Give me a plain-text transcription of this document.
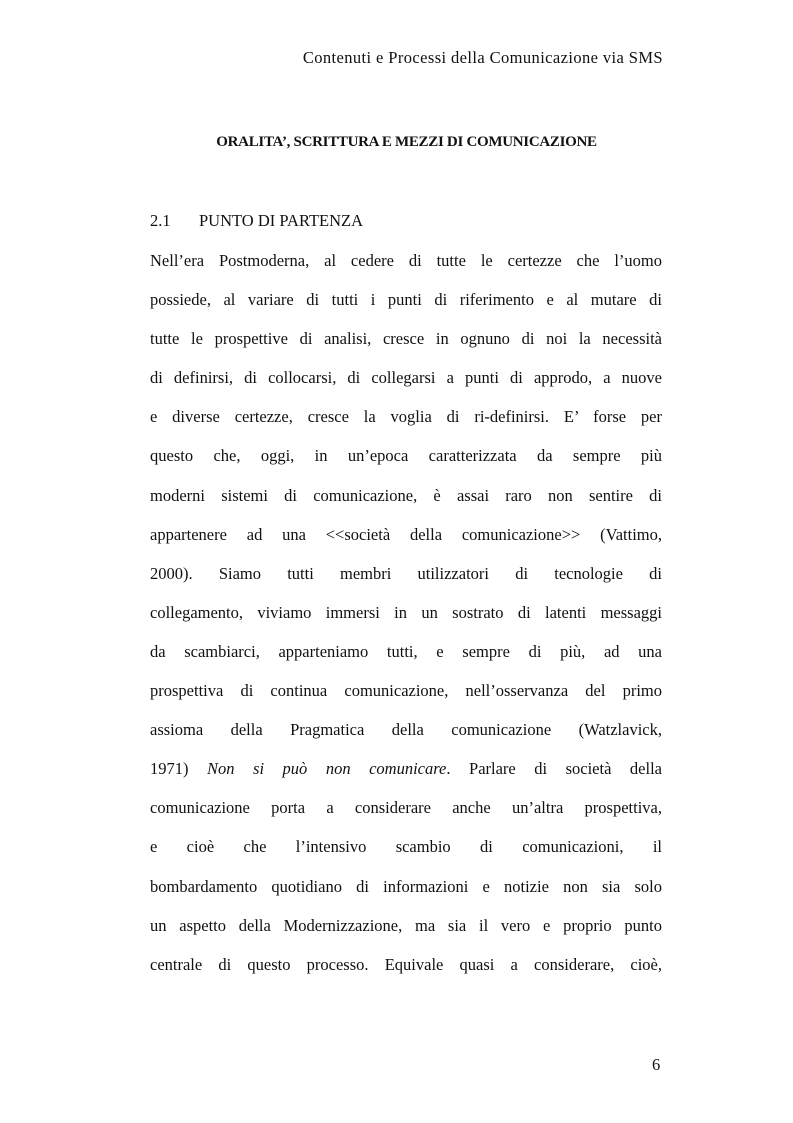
Contenuti e Processi della Comunicazione via SMS
ORALITA’, SCRITTURA E MEZZI DI COMUNICAZIONE
2.1 PUNTO DI PARTENZA
Nell’era Postmoderna, al cedere di tutte le certezze che l’uomo
possiede, al variare di tutti i punti di riferimento e al mutare di
tutte le prospettive di analisi, cresce in ognuno di noi la necessità
di definirsi, di collocarsi, di collegarsi a punti di approdo, a nuove
e diverse certezze, cresce la voglia di ri-definirsi. E’ forse per
questo che, oggi, in un’epoca caratterizzata da sempre più
moderni sistemi di comunicazione, è assai raro non sentire di
appartenere ad una <<società della comunicazione>> (Vattimo,
2000). Siamo tutti membri utilizzatori di tecnologie di
collegamento, viviamo immersi in un sostrato di latenti messaggi
da scambiarci, apparteniamo tutti, e sempre di più, ad una
prospettiva di continua comunicazione, nell’osservanza del primo
assioma della Pragmatica della comunicazione (Watzlavick,
1971) Non si può non comunicare. Parlare di società della
comunicazione porta a considerare anche un’altra prospettiva,
e cioè che l’intensivo scambio di comunicazioni, il
bombardamento quotidiano di informazioni e notizie non sia solo
un aspetto della Modernizzazione, ma sia il vero e proprio punto
centrale di questo processo. Equivale quasi a considerare, cioè,
6
